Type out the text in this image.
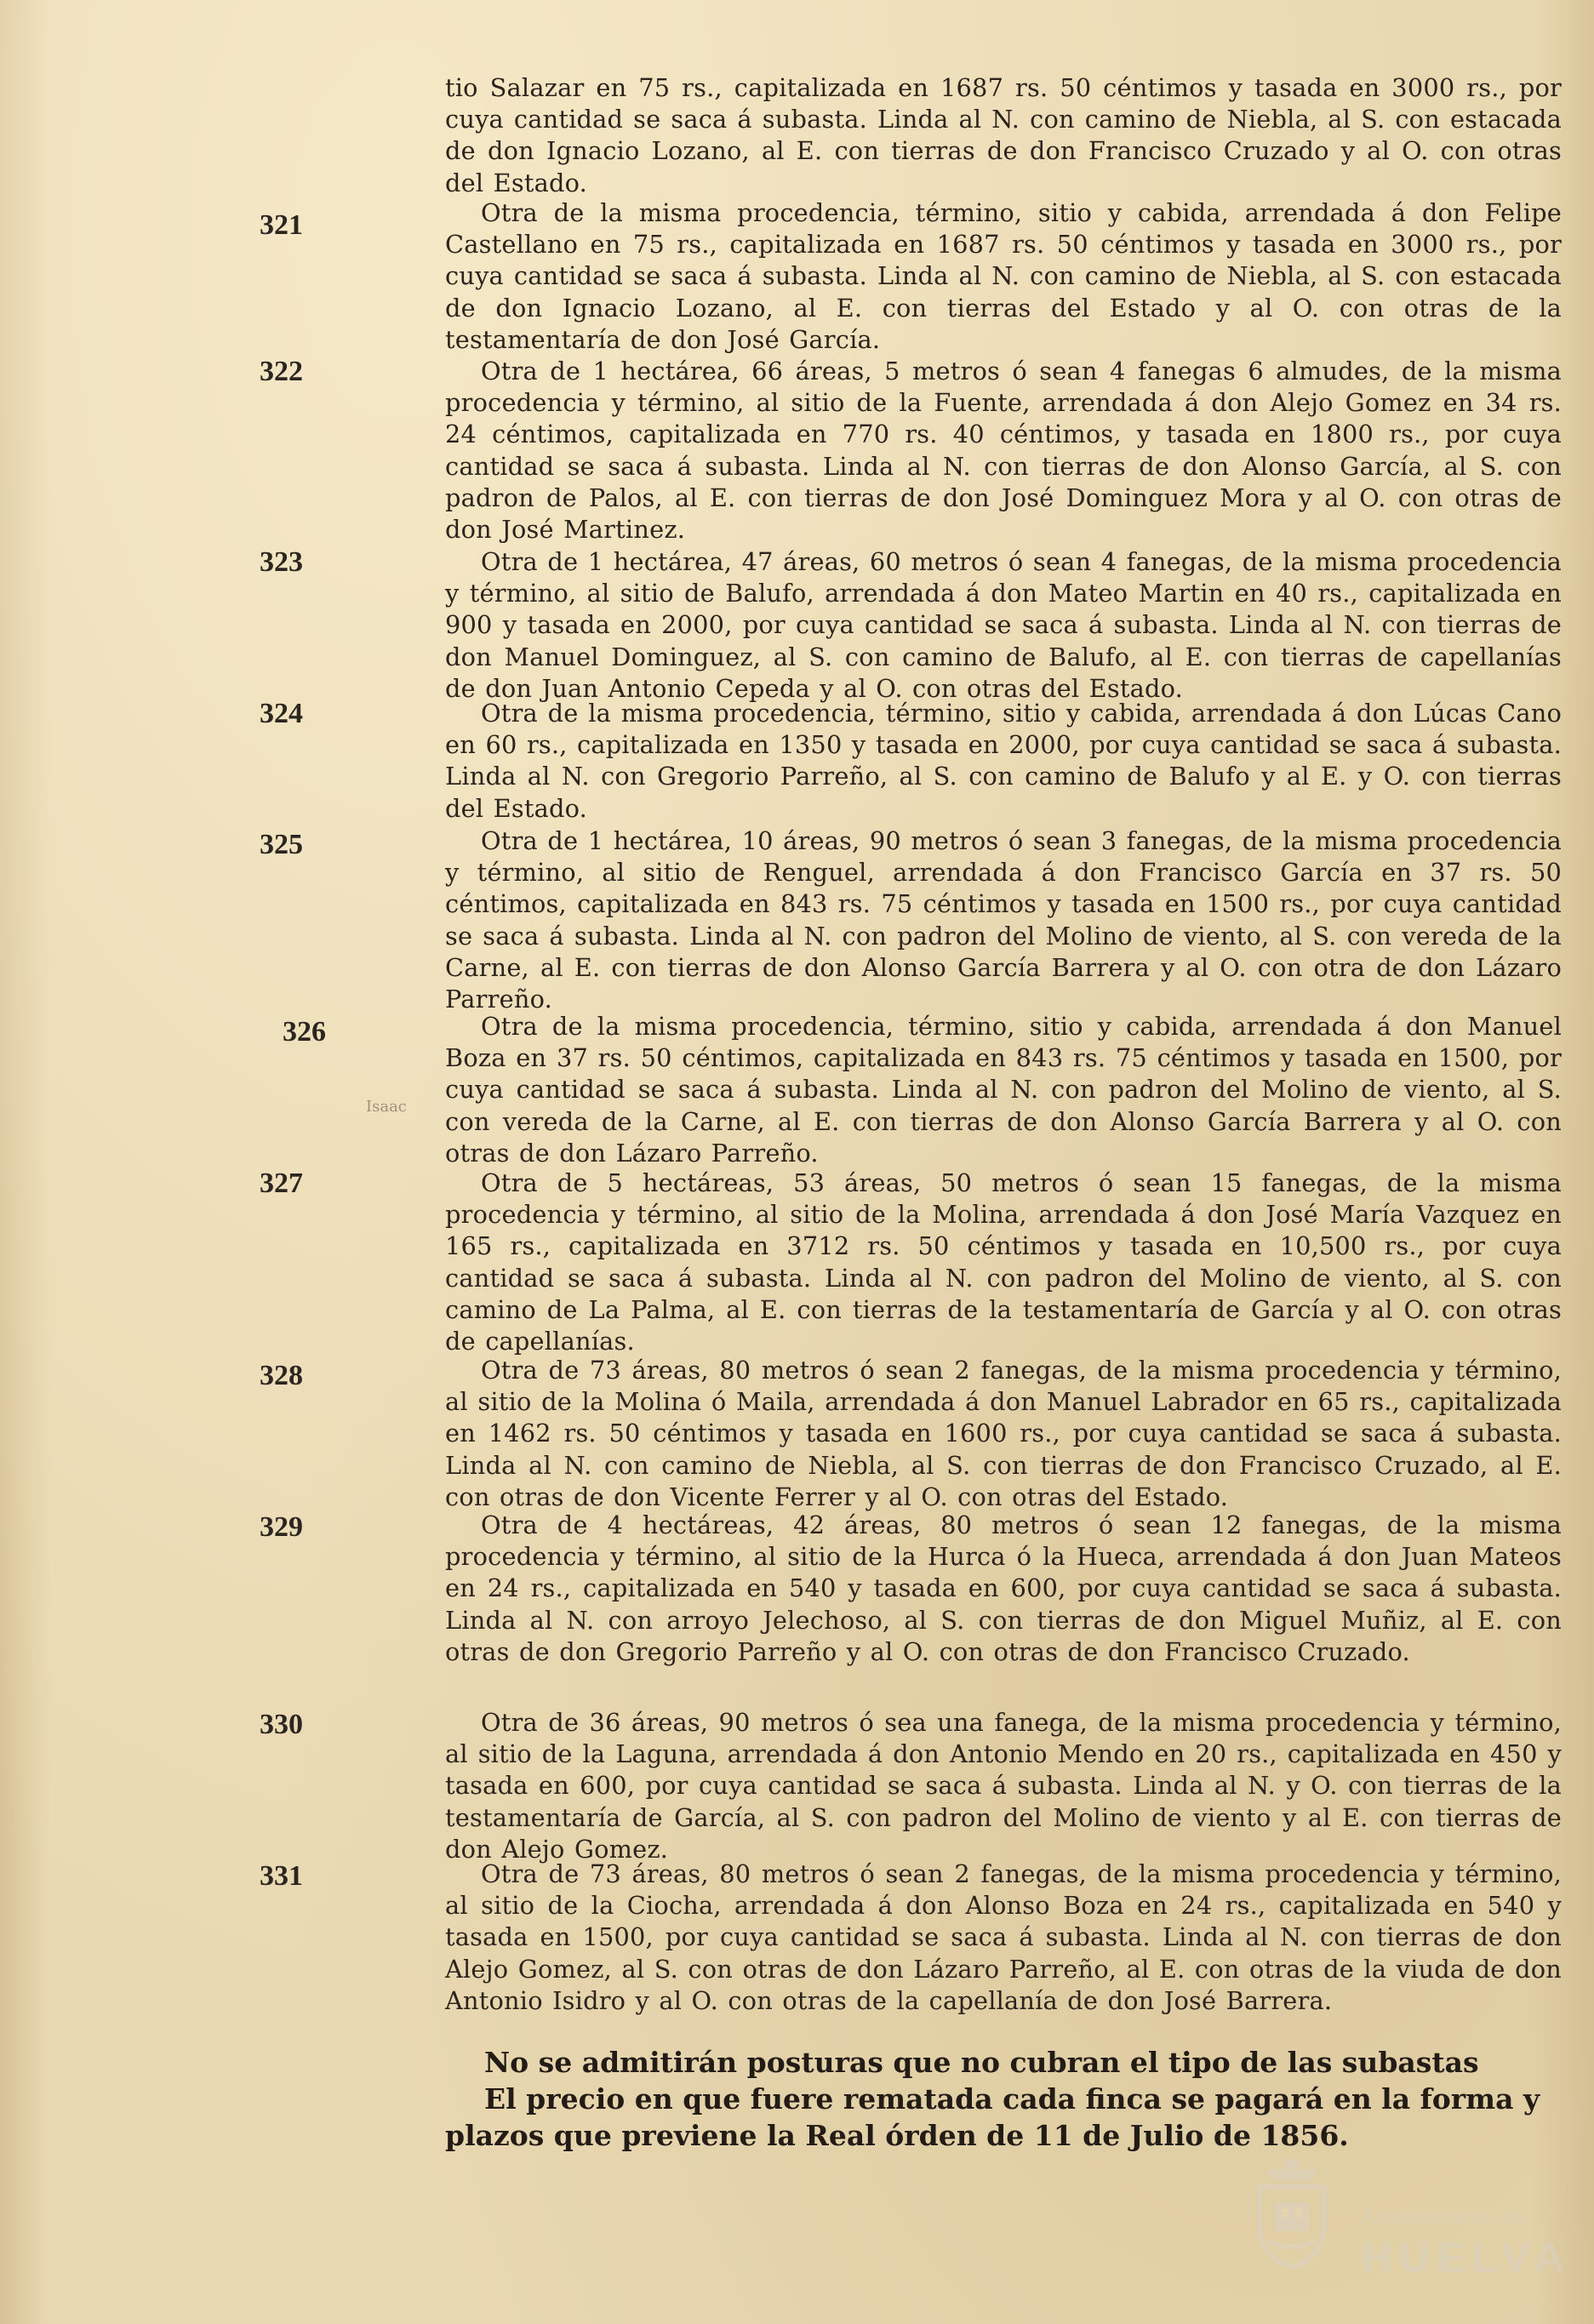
tio Salazar en 75 rs., capitalizada en 1687 rs. 50 céntimos y tasada en 3000 rs., por cuya cantidad se saca á subasta. Linda al N. con camino de Niebla, al S. con estacada de don Ignacio Lozano, al E. con tierras de don Francisco Cruzado y al O. con otras del Estado.
321	Otra de la misma procedencia, término, sitio y cabida, arrendada á don Felipe Castellano en 75 rs., capitalizada en 1687 rs. 50 céntimos y tasada en 3000 rs., por cuya cantidad se saca á subasta. Linda al N. con camino de Niebla, al S. con estacada de don Ignacio Lozano, al E. con tierras del Estado y al O. con otras de la testamentaría de don José García.
322	Otra de 1 hectárea, 66 áreas, 5 metros ó sean 4 fanegas 6 almudes, de la misma procedencia y término, al sitio de la Fuente, arrendada á don Alejo Gomez en 34 rs. 24 céntimos, capitalizada en 770 rs. 40 céntimos, y tasada en 1800 rs., por cuya cantidad se saca á subasta. Linda al N. con tierras de don Alonso García, al S. con padron de Palos, al E. con tierras de don José Dominguez Mora y al O. con otras de don José Martinez.
323	Otra de 1 hectárea, 47 áreas, 60 metros ó sean 4 fanegas, de la misma procedencia y término, al sitio de Balufo, arrendada á don Mateo Martin en 40 rs., capitalizada en 900 y tasada en 2000, por cuya cantidad se saca á subasta. Linda al N. con tierras de don Manuel Dominguez, al S. con camino de Balufo, al E. con tierras de capellanías de don Juan Antonio Cepeda y al O. con otras del Estado.
324	Otra de la misma procedencia, término, sitio y cabida, arrendada á don Lúcas Cano en 60 rs., capitalizada en 1350 y tasada en 2000, por cuya cantidad se saca á subasta. Linda al N. con Gregorio Parreño, al S. con camino de Balufo y al E. y O. con tierras del Estado.
325	Otra de 1 hectárea, 10 áreas, 90 metros ó sean 3 fanegas, de la misma procedencia y término, al sitio de Renguel, arrendada á don Francisco García en 37 rs. 50 céntimos, capitalizada en 843 rs. 75 céntimos y tasada en 1500 rs., por cuya cantidad se saca á subasta. Linda al N. con padron del Molino de viento, al S. con vereda de la Carne, al E. con tierras de don Alonso García Barrera y al O. con otra de don Lázaro Parreño.
326	Otra de la misma procedencia, término, sitio y cabida, arrendada á don Manuel Boza en 37 rs. 50 céntimos, capitalizada en 843 rs. 75 céntimos y tasada en 1500, por cuya cantidad se saca á subasta. Linda al N. con padron del Molino de viento, al S. con vereda de la Carne, al E. con tierras de don Alonso García Barrera y al O. con otras de don Lázaro Parreño.
Isaac
327	Otra de 5 hectáreas, 53 áreas, 50 metros ó sean 15 fanegas, de la misma procedencia y término, al sitio de la Molina, arrendada á don José María Vazquez en 165 rs., capitalizada en 3712 rs. 50 céntimos y tasada en 10,500 rs., por cuya cantidad se saca á subasta. Linda al N. con padron del Molino de viento, al S. con camino de La Palma, al E. con tierras de la testamentaría de García y al O. con otras de capellanías.
328	Otra de 73 áreas, 80 metros ó sean 2 fanegas, de la misma procedencia y término, al sitio de la Molina ó Maila, arrendada á don Manuel Labrador en 65 rs., capitalizada en 1462 rs. 50 céntimos y tasada en 1600 rs., por cuya cantidad se saca á subasta. Linda al N. con camino de Niebla, al S. con tierras de don Francisco Cruzado, al E. con otras de don Vicente Ferrer y al O. con otras del Estado.
329	Otra de 4 hectáreas, 42 áreas, 80 metros ó sean 12 fanegas, de la misma procedencia y término, al sitio de la Hurca ó la Hueca, arrendada á don Juan Mateos en 24 rs., capitalizada en 540 y tasada en 600, por cuya cantidad se saca á subasta. Linda al N. con arroyo Jelechoso, al S. con tierras de don Miguel Muñiz, al E. con otras de don Gregorio Parreño y al O. con otras de don Francisco Cruzado.
330	Otra de 36 áreas, 90 metros ó sea una fanega, de la misma procedencia y término, al sitio de la Laguna, arrendada á don Antonio Mendo en 20 rs., capitalizada en 450 y tasada en 600, por cuya cantidad se saca á subasta. Linda al N. y O. con tierras de la testamentaría de García, al S. con padron del Molino de viento y al E. con tierras de don Alejo Gomez.
331	Otra de 73 áreas, 80 metros ó sean 2 fanegas, de la misma procedencia y término, al sitio de la Ciocha, arrendada á don Alonso Boza en 24 rs., capitalizada en 540 y tasada en 1500, por cuya cantidad se saca á subasta. Linda al N. con tierras de don Alejo Gomez, al S. con otras de don Lázaro Parreño, al E. con otras de la viuda de don Antonio Isidro y al O. con otras de la capellanía de don José Barrera.
No se admitirán posturas que no cubran el tipo de las subastas
El precio en que fuere rematada cada finca se pagará en la forma y plazos que previene la Real órden de 11 de Julio de 1856.
Ayuntamiento de
HUELVA
